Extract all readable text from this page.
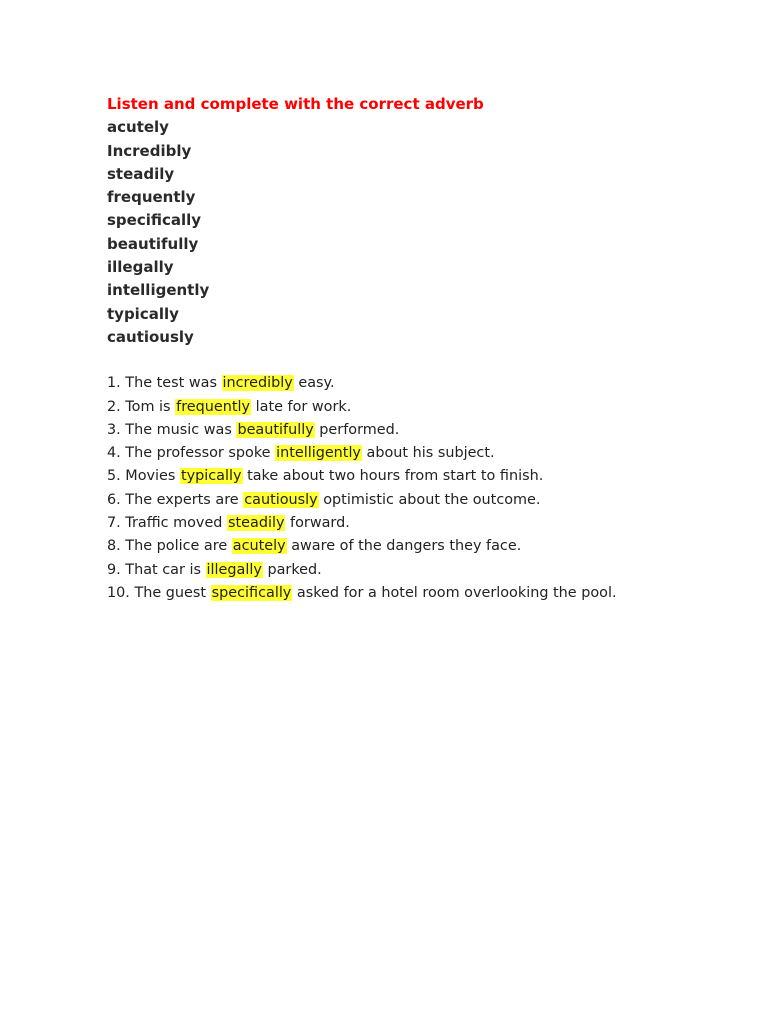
Listen and complete with the correct adverb
acutely
Incredibly
steadily
frequently
specifically
beautifully
illegally
intelligently
typically
cautiously
1. The test was incredibly easy.
2. Tom is frequently late for work.
3. The music was beautifully performed.
4. The professor spoke intelligently about his subject.
5. Movies typically take about two hours from start to finish.
6. The experts are cautiously optimistic about the outcome.
7. Traffic moved steadily forward.
8. The police are acutely aware of the dangers they face.
9. That car is illegally parked.
10. The guest specifically asked for a hotel room overlooking the pool.
